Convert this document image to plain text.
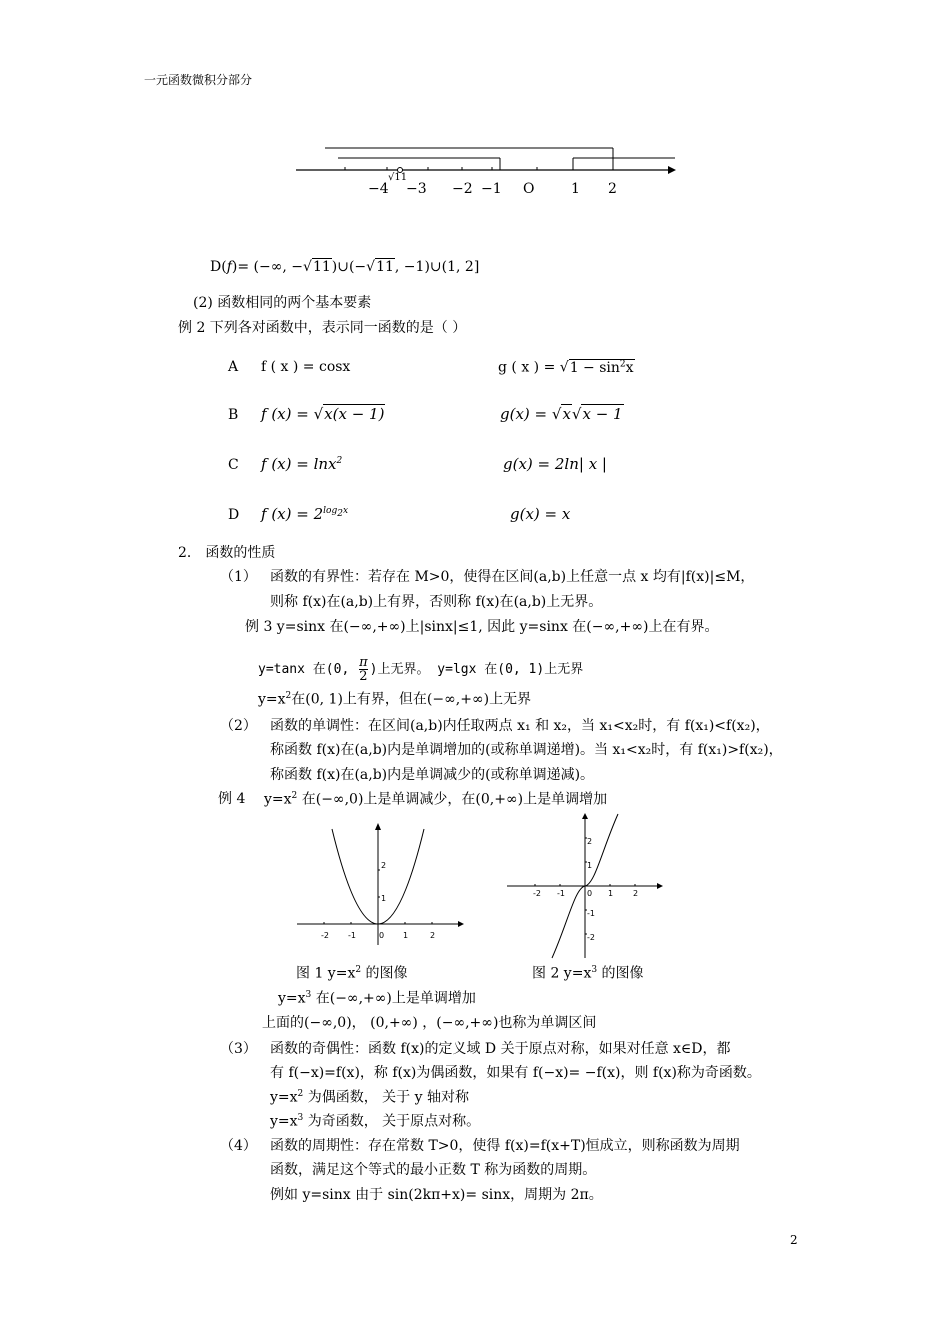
一元函数微积分部分
−4
√11
−3 −2 −1 O	1 2
D(f)= (−∞, −√11)∪(−√11, −1)∪(1, 2]
(2) 函数相同的两个基本要素
例 2 下列各对函数中，表示同一函数的是（ ）
A f ( x ) = cosx	g ( x ) = $√1 - \sin^2x$
B f (x) = √x(x − 1)	g(x) = √x√x − 1
C f (x) = lnx$^2$	g(x) = 2ln| x |
D f $(x) = 2^{log_2x}$	g(x) = x
2． 函数的性质
（1） 函数的有界性：若存在 M>0，使得在区间(a,b)上任意一点 x 均有|f(x)|≤M，
则称 f(x)在(a,b)上有界，否则称 f(x)在(a,b)上无界。
例 3 y=sinx 在(−∞,+∞)上|sinx|≤1, 因此 y=sinx 在(−∞,+∞)上在有界。
y=tanx 在(0, $\frac{\pi}{2}$ )上无界。 y=lgx 在(0, 1)上无界
$y=x^2$在(0, 1)上有界，但在(−∞,+∞)上无界
（2） 函数的单调性：在区间(a,b)内任取两点 x₁ 和 x₂，当 x₁<x₂时，有 f(x₁)<f(x₂)，
称函数 f(x)在(a,b)内是单调增加的(或称单调递增)。当 x₁<x₂时，有 f(x₁)>f(x₂)，
称函数 f(x)在(a,b)内是单调减少的(或称单调递减)。
例 4 $y=x^2$ 在(−∞,0)上是单调减少，在(0,+∞)上是单调增加
-2 -1	0 1	2
1
2
-2 -1	0 1 2
2
1
-1
-2
图 1 $y=x^2$ 的图像	图 2 $y=x^3$ 的图像
$y=x^3$ 在(−∞,+∞)上是单调增加
上面的(−∞,0)， (0,+∞) ，(−∞,+∞)也称为单调区间
（3） 函数的奇偶性：函数 f(x)的定义域 D 关于原点对称，如果对任意 x∈D，都
有 f(−x)=f(x)，称 f(x)为偶函数，如果有 f(−x)= −f(x)，则 f(x)称为奇函数。
$y=x^2$ 为偶函数， 关于 y 轴对称
$y=x^3$ 为奇函数， 关于原点对称。
（4） 函数的周期性：存在常数 T>0，使得 f(x)=f(x+T)恒成立，则称函数为周期
函数，满足这个等式的最小正数 T 称为函数的周期。
例如 y=sinx 由于 sin(2kπ+x)= sinx，周期为 2π。
2
